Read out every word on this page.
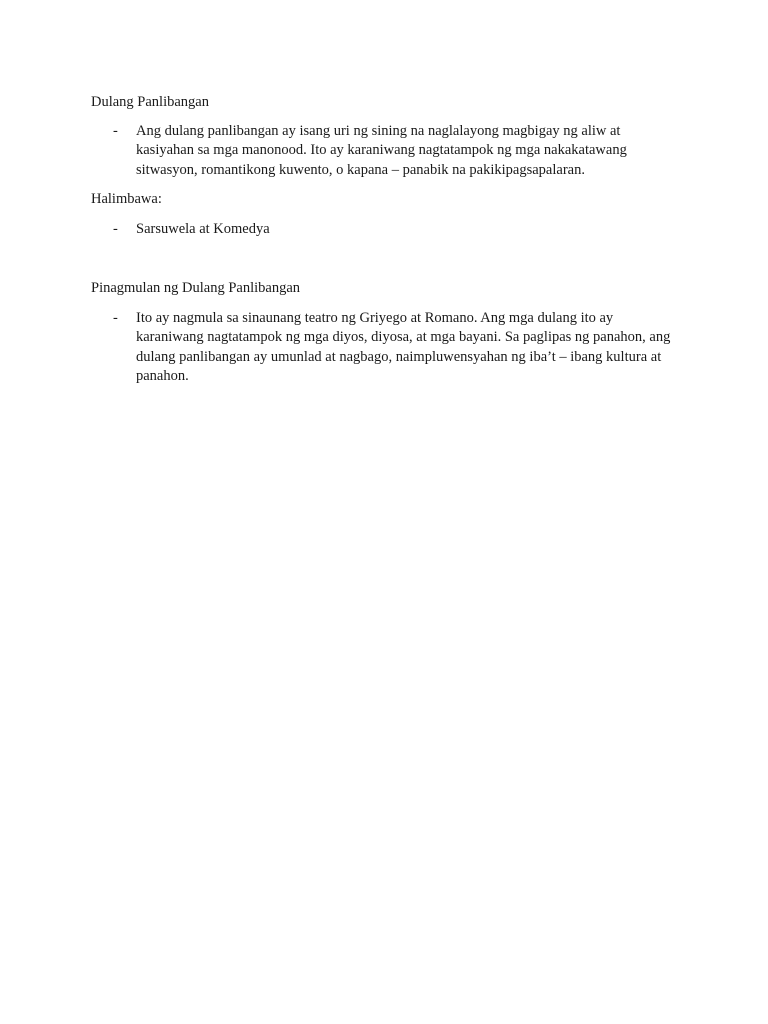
Dulang Panlibangan
- Ang dulang panlibangan ay isang uri ng sining na naglalayong magbigay ng aliw at kasiyahan sa mga manonood. Ito ay karaniwang nagtatampok ng mga nakakatawang sitwasyon, romantikong kuwento, o kapana – panabik na pakikipagsapalaran.
Halimbawa:
- Sarsuwela at Komedya
Pinagmulan ng Dulang Panlibangan
- Ito ay nagmula sa sinaunang teatro ng Griyego at Romano. Ang mga dulang ito ay karaniwang nagtatampok ng mga diyos, diyosa, at mga bayani. Sa paglipas ng panahon, ang dulang panlibangan ay umunlad at nagbago, naimpluwensyahan ng iba’t – ibang kultura at panahon.
